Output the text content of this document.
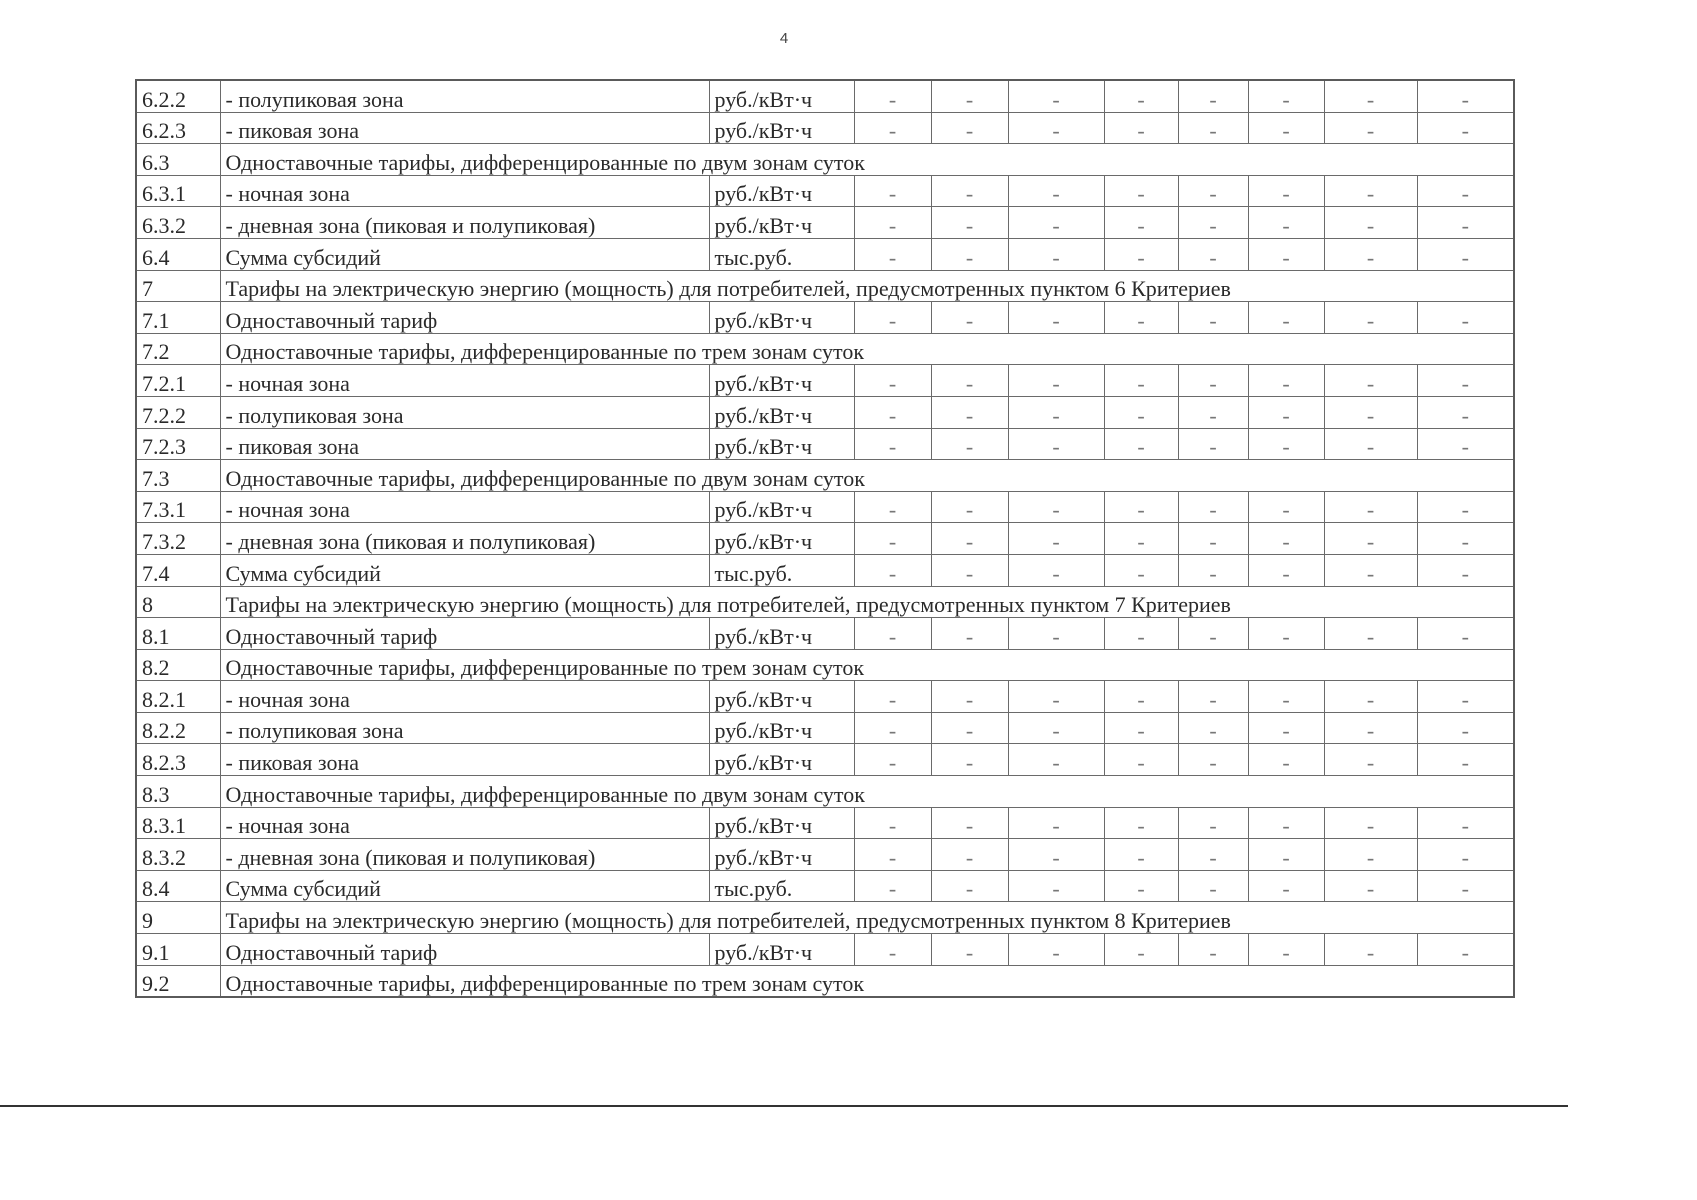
4
6.2.2	- полупиковая зона	руб./кВт·ч	-	-	-	-	-	-	-	-
6.2.3	- пиковая зона	руб./кВт·ч	-	-	-	-	-	-	-	-
6.3	Одноставочные тарифы, дифференцированные по двум зонам суток									
6.3.1	- ночная зона	руб./кВт·ч	-	-	-	-	-	-	-	-
6.3.2	- дневная зона (пиковая и полупиковая)	руб./кВт·ч	-	-	-	-	-	-	-	-
6.4	Сумма субсидий	тыс.руб.	-	-	-	-	-	-	-	-
7	Тарифы на электрическую энергию (мощность) для потребителей, предусмотренных пунктом 6 Критериев									
7.1	Одноставочный тариф	руб./кВт·ч	-	-	-	-	-	-	-	-
7.2	Одноставочные тарифы, дифференцированные по трем зонам суток									
7.2.1	- ночная зона	руб./кВт·ч	-	-	-	-	-	-	-	-
7.2.2	- полупиковая зона	руб./кВт·ч	-	-	-	-	-	-	-	-
7.2.3	- пиковая зона	руб./кВт·ч	-	-	-	-	-	-	-	-
7.3	Одноставочные тарифы, дифференцированные по двум зонам суток									
7.3.1	- ночная зона	руб./кВт·ч	-	-	-	-	-	-	-	-
7.3.2	- дневная зона (пиковая и полупиковая)	руб./кВт·ч	-	-	-	-	-	-	-	-
7.4	Сумма субсидий	тыс.руб.	-	-	-	-	-	-	-	-
8	Тарифы на электрическую энергию (мощность) для потребителей, предусмотренных пунктом 7 Критериев									
8.1	Одноставочный тариф	руб./кВт·ч	-	-	-	-	-	-	-	-
8.2	Одноставочные тарифы, дифференцированные по трем зонам суток									
8.2.1	- ночная зона	руб./кВт·ч	-	-	-	-	-	-	-	-
8.2.2	- полупиковая зона	руб./кВт·ч	-	-	-	-	-	-	-	-
8.2.3	- пиковая зона	руб./кВт·ч	-	-	-	-	-	-	-	-
8.3	Одноставочные тарифы, дифференцированные по двум зонам суток									
8.3.1	- ночная зона	руб./кВт·ч	-	-	-	-	-	-	-	-
8.3.2	- дневная зона (пиковая и полупиковая)	руб./кВт·ч	-	-	-	-	-	-	-	-
8.4	Сумма субсидий	тыс.руб.	-	-	-	-	-	-	-	-
9	Тарифы на электрическую энергию (мощность) для потребителей, предусмотренных пунктом 8 Критериев									
9.1	Одноставочный тариф	руб./кВт·ч	-	-	-	-	-	-	-	-
9.2	Одноставочные тарифы, дифференцированные по трем зонам суток									
